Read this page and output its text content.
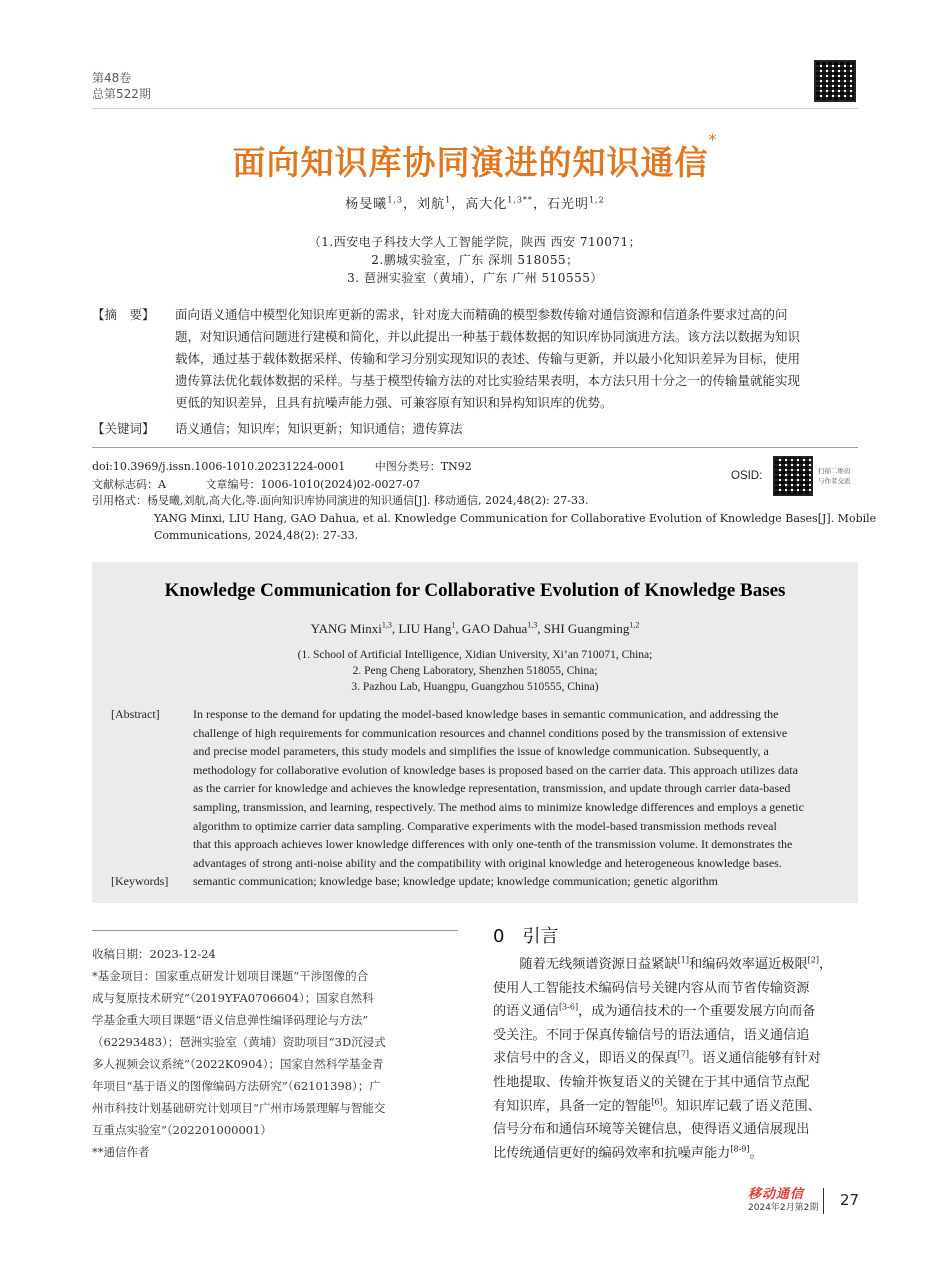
第48卷
总第522期
面向知识库协同演进的知识通信*
杨旻曦$^{1,3}$，刘航$^1$，高大化$^{1,3**}$，石光明$^{1,2}$
（1.西安电子科技大学人工智能学院，陕西 西安 710071；
2.鹏城实验室，广东 深圳 518055；
3. 琶洲实验室（黄埔），广东 广州 510555）
【摘　要】 面向语义通信中模型化知识库更新的需求，针对庞大而精确的模型参数传输对通信资源和信道条件要求过高的问
题，对知识通信问题进行建模和简化，并以此提出一种基于载体数据的知识库协同演进方法。该方法以数据为知识
载体，通过基于载体数据采样、传输和学习分别实现知识的表述、传输与更新，并以最小化知识差异为目标，使用
遗传算法优化载体数据的采样。与基于模型传输方法的对比实验结果表明，本方法只用十分之一的传输量就能实现
更低的知识差异，且具有抗噪声能力强、可兼容原有知识和异构知识库的优势。
【关键词】 语义通信；知识库；知识更新；知识通信；遗传算法
doi:10.3969/j.issn.1006-1010.20231224-0001	中图分类号：TN92
文献标志码：A	文章编号：1006-1010(2024)02-0027-07
引用格式：杨旻曦,刘航,高大化,等.面向知识库协同演进的知识通信[J]. 移动通信, 2024,48(2): 27-33.
YANG Minxi, LIU Hang, GAO Dahua, et al. Knowledge Communication for Collaborative Evolution of Knowledge Bases[J]. Mobile
Communications, 2024,48(2): 27-33.
OSID:	扫描二维码
与作者交流
Knowledge Communication for Collaborative Evolution of Knowledge Bases
YANG Minxi$^{1,3}$, LIU Hang$^1$, GAO Dahua$^{1,3}$, SHI Guangming$^{1,2}$
(1. School of Artificial Intelligence, Xidian University, Xi’an 710071, China;
2. Peng Cheng Laboratory, Shenzhen 518055, China;
3. Pazhou Lab, Huangpu, Guangzhou 510555, China)
[Abstract]	In response to the demand for updating the model-based knowledge bases in semantic communication, and addressing the
challenge of high requirements for communication resources and channel conditions posed by the transmission of extensive
and precise model parameters, this study models and simplifies the issue of knowledge communication. Subsequently, a
methodology for collaborative evolution of knowledge bases is proposed based on the carrier data. This approach utilizes data
as the carrier for knowledge and achieves the knowledge representation, transmission, and update through carrier data-based
sampling, transmission, and learning, respectively. The method aims to minimize knowledge differences and employs a genetic
algorithm to optimize carrier data sampling. Comparative experiments with the model-based transmission methods reveal
that this approach achieves lower knowledge differences with only one-tenth of the transmission volume. It demonstrates the
advantages of strong anti-noise ability and the compatibility with original knowledge and heterogeneous knowledge bases.
[Keywords] semantic communication; knowledge base; knowledge update; knowledge communication; genetic algorithm
收稿日期：2023-12-24
*基金项目：国家重点研发计划项目课题“干涉图像的合
成与复原技术研究”（2019YFA0706604）；国家自然科
学基金重大项目课题“语义信息弹性编译码理论与方法”
（62293483）；琶洲实验室（黄埔）资助项目“3D沉浸式
多人视频会议系统”（2022K0904）；国家自然科学基金青
年项目“基于语义的图像编码方法研究”（62101398）；广
州市科技计划基础研究计划项目“广州市场景理解与智能交
互重点实验室”（202201000001）
**通信作者
0　引言
　　随着无线频谱资源日益紧缺[1]和编码效率逼近极限[2]，
使用人工智能技术编码信号关键内容从而节省传输资源
的语义通信[3-6]，成为通信技术的一个重要发展方向而备
受关注。不同于保真传输信号的语法通信，语义通信追
求信号中的含义，即语义的保真[7]。语义通信能够有针对
性地提取、传输并恢复语义的关键在于其中通信节点配
有知识库，具备一定的智能[6]。知识库记载了语义范围、
信号分布和通信环境等关键信息，使得语义通信展现出
比传统通信更好的编码效率和抗噪声能力[8-9]。
移动通信
2024年2月第2期 27
